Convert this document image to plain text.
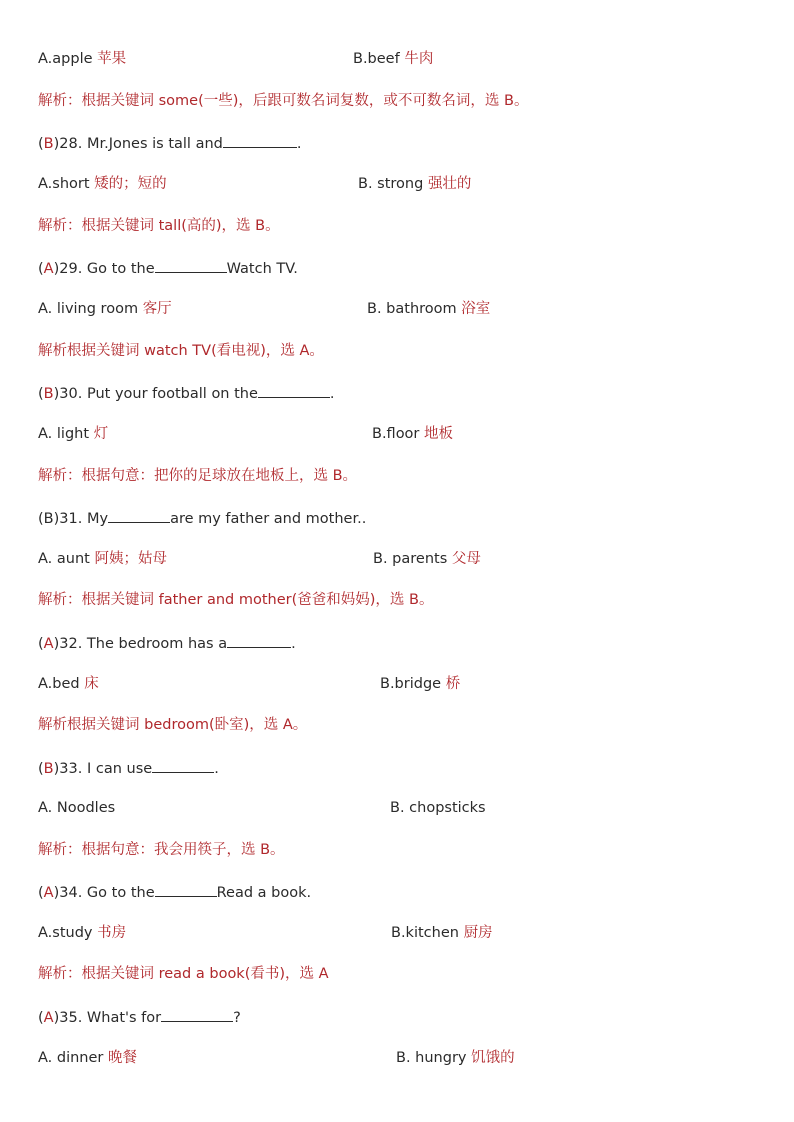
A.apple 苹果	B.beef 牛肉
解析：根据关键词 some(一些)，后跟可数名词复数，或不可数名词，选 B。
(B)28. Mr.Jones is tall and	.
A.short 矮的；短的	B. strong 强壮的
解析：根据关键词 tall(高的)，选 B。
(A)29. Go to the	Watch TV.
A. living room 客厅	B. bathroom 浴室
解析根据关键词 watch TV(看电视)，选 A。
(B)30. Put your football on the	.
A. light 灯	B.floor 地板
解析：根据句意：把你的足球放在地板上，选 B。
(B)31. My	are my father and mother..
A. aunt 阿姨；姑母	B. parents 父母
解析：根据关键词 father and mother(爸爸和妈妈)，选 B。
(A)32. The bedroom has a	.
A.bed 床	B.bridge 桥
解析根据关键词 bedroom(卧室)，选 A。
(B)33. I can use	.
A. Noodles	B. chopsticks
解析：根据句意：我会用筷子，选 B。
(A)34. Go to the	Read a book.
A.study 书房	B.kitchen 厨房
解析：根据关键词 read a book(看书)，选 A
(A)35. What's for	?
A. dinner 晚餐	B. hungry 饥饿的
